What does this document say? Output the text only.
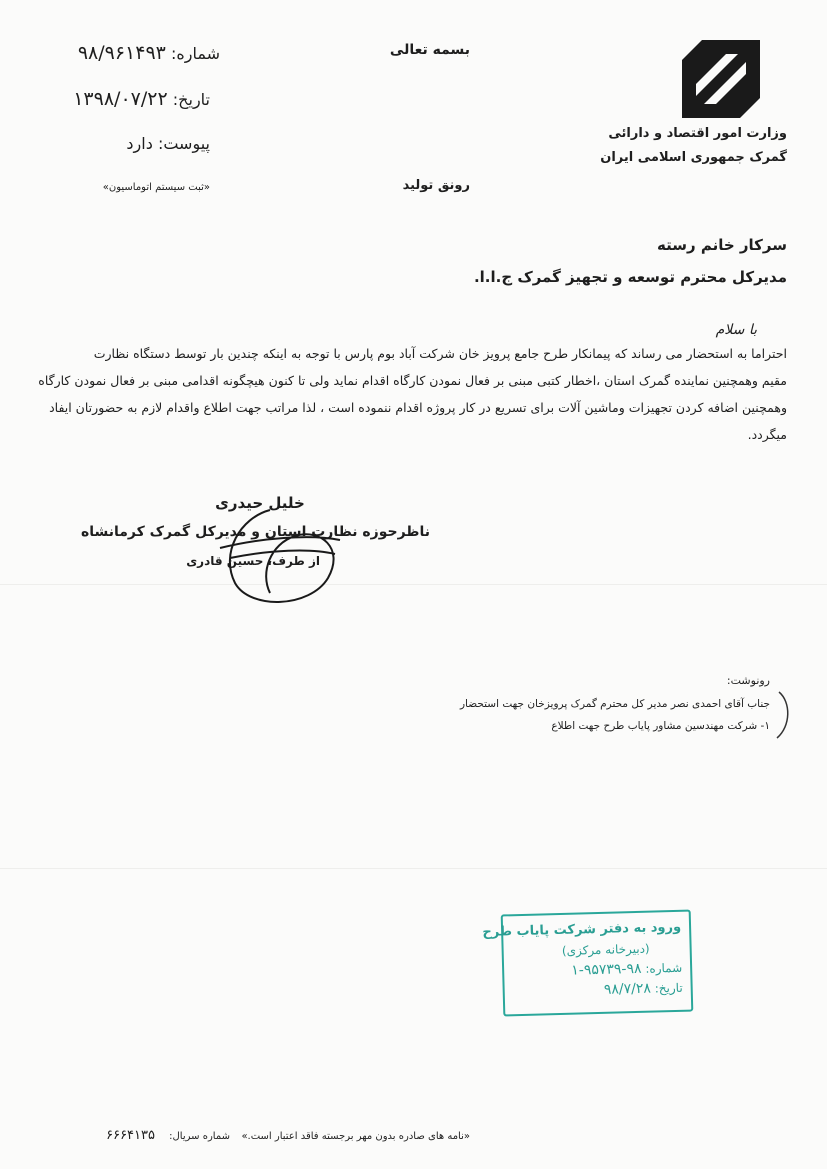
وزارت امور اقتصاد و دارائی
گمرک جمهوری اسلامی ایران
بسمه تعالی
شماره: ۹۸/۹۶۱۴۹۳
تاریخ: ۱۳۹۸/۰۷/۲۲
پیوست: دارد
«ثبت سیستم اتوماسیون»	رونق تولید
سرکار خانم رسته
مدیرکل محترم توسعه و تجهیز گمرک ج.ا.ا.
با سلام
احتراما به استحضار می رساند که پیمانکار طرح جامع پرویز خان شرکت آباد بوم پارس با توجه به اینکه چندین بار توسط دستگاه نظارت
مقیم وهمچنین نماینده گمرک استان ،اخطار کتبی مبنی بر فعال نمودن کارگاه اقدام نماید ولی تا کنون هیچگونه اقدامی مبنی بر فعال نمودن کارگاه
وهمچنین اضافه کردن تجهیزات وماشین آلات برای تسریع در کار پروژه اقدام ننموده است ، لذا مراتب جهت اطلاع واقدام لازم به حضورتان ایفاد
میگردد.
خلیل حیدری
ناظرحوزه نظارت استان و مدیرکل گمرک کرمانشاه
از طرف، حسین قادری
رونوشت:
جناب آقای احمدی نصر مدیر کل محترم گمرک پرویزخان جهت استحضار
۱- شرکت مهندسین مشاور پایاب طرح جهت اطلاع
ورود به دفتر شرکت پایاب طرح
(دبیرخانه مرکزی)
شماره: ۹۸-۹۵۷۳۹-۱
تاریخ: ۹۸/۷/۲۸
«نامه های صادره بدون مهر برجسته فاقد اعتبار است.»
شماره سریال:
۶۶۶۴۱۳۵
